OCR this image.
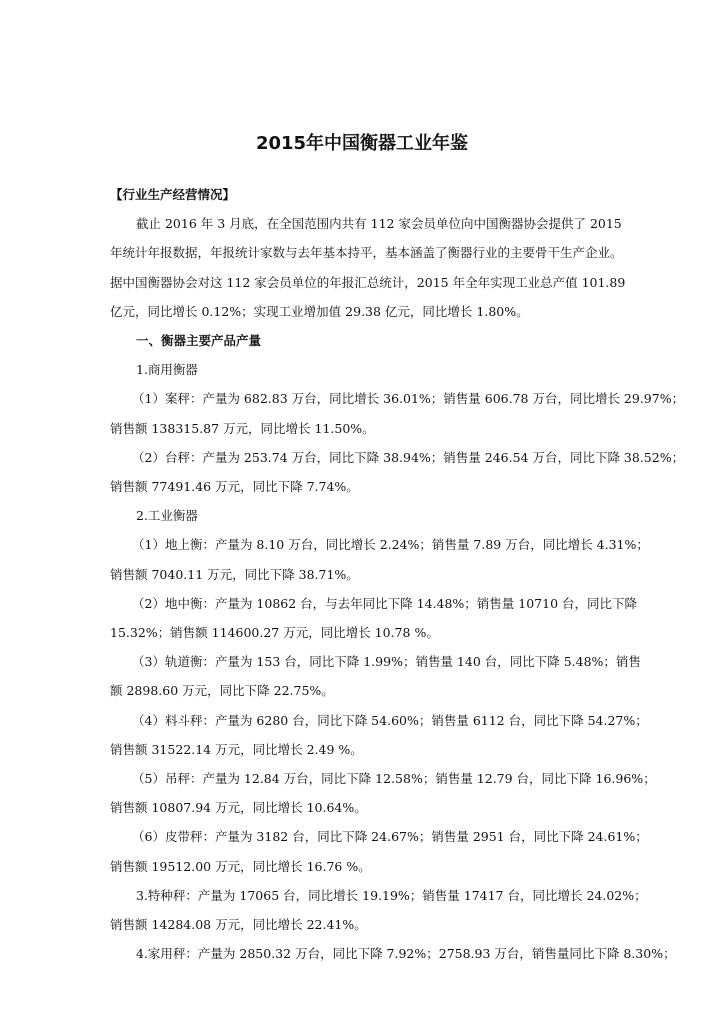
2015年中国衡器工业年鉴
【行业生产经营情况】
截止 2016 年 3 月底，在全国范围内共有 112 家会员单位向中国衡器协会提供了 2015
年统计年报数据，年报统计家数与去年基本持平，基本涵盖了衡器行业的主要骨干生产企业。
据中国衡器协会对这 112 家会员单位的年报汇总统计，2015 年全年实现工业总产值 101.89
亿元，同比增长 0.12%；实现工业增加值 29.38 亿元，同比增长 1.80%。
一、衡器主要产品产量
1.商用衡器
（1）案秤：产量为 682.83 万台，同比增长 36.01%；销售量 606.78 万台，同比增长 29.97%；
销售额 138315.87 万元，同比增长 11.50%。
（2）台秤：产量为 253.74 万台，同比下降 38.94%；销售量 246.54 万台，同比下降 38.52%；
销售额 77491.46 万元，同比下降 7.74%。
2.工业衡器
（1）地上衡：产量为 8.10 万台，同比增长 2.24%；销售量 7.89 万台，同比增长 4.31%；
销售额 7040.11 万元，同比下降 38.71%。
（2）地中衡：产量为 10862 台，与去年同比下降 14.48%；销售量 10710 台，同比下降
15.32%；销售额 114600.27 万元，同比增长 10.78 %。
（3）轨道衡：产量为 153 台，同比下降 1.99%；销售量 140 台，同比下降 5.48%；销售
额 2898.60 万元，同比下降 22.75%。
（4）料斗秤：产量为 6280 台，同比下降 54.60%；销售量 6112 台，同比下降 54.27%；
销售额 31522.14 万元，同比增长 2.49 %。
（5）吊秤：产量为 12.84 万台，同比下降 12.58%；销售量 12.79 台，同比下降 16.96%；
销售额 10807.94 万元，同比增长 10.64%。
（6）皮带秤：产量为 3182 台，同比下降 24.67%；销售量 2951 台，同比下降 24.61%；
销售额 19512.00 万元，同比增长 16.76 %。
3.特种秤：产量为 17065 台，同比增长 19.19%；销售量 17417 台，同比增长 24.02%；
销售额 14284.08 万元，同比增长 22.41%。
4.家用秤：产量为 2850.32 万台，同比下降 7.92%；2758.93 万台，销售量同比下降 8.30%；
